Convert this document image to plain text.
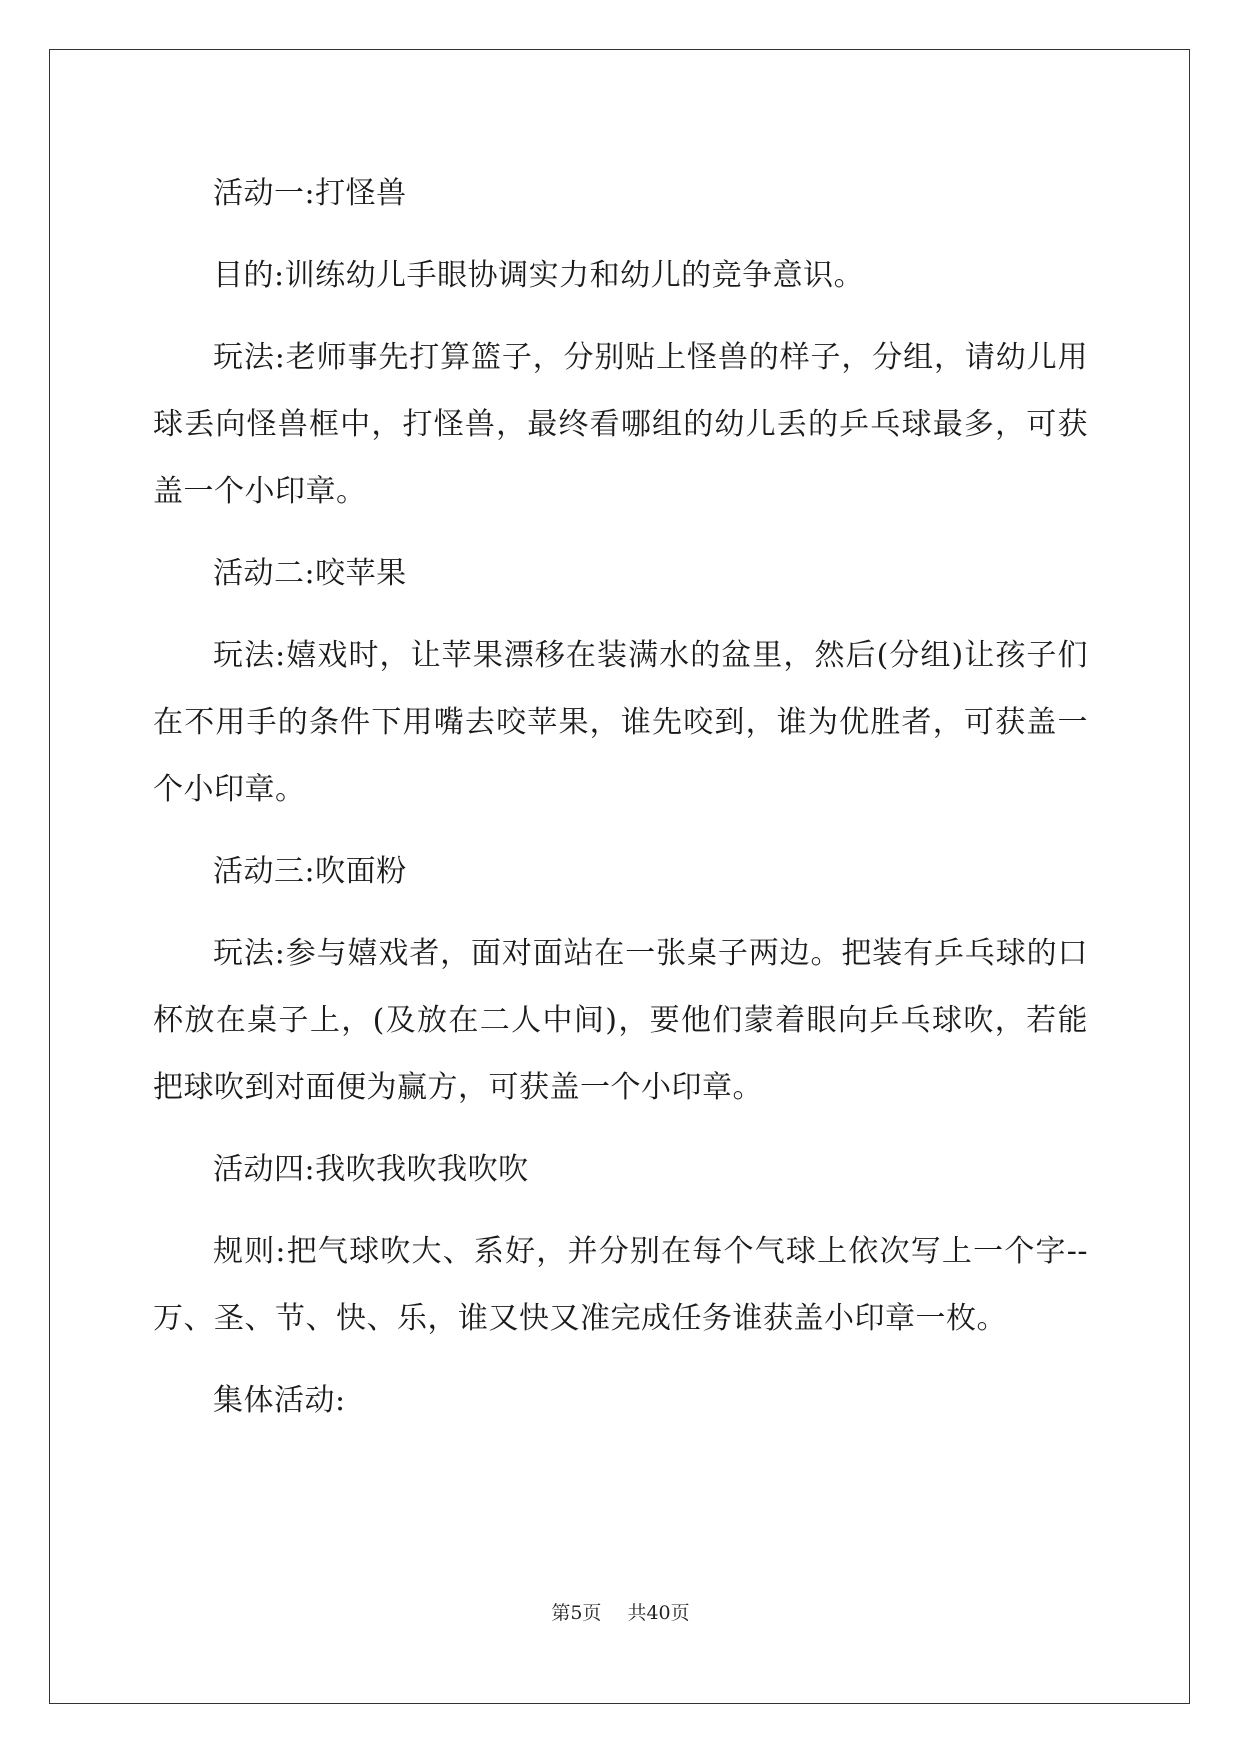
活动一:打怪兽

目的:训练幼儿手眼协调实力和幼儿的竞争意识。

玩法:老师事先打算篮子，分别贴上怪兽的样子，分组，请幼儿用球丢向怪兽框中，打怪兽，最终看哪组的幼儿丢的乒乓球最多，可获盖一个小印章。

活动二:咬苹果

玩法:嬉戏时，让苹果漂移在装满水的盆里，然后(分组)让孩子们在不用手的条件下用嘴去咬苹果，谁先咬到，谁为优胜者，可获盖一个小印章。

活动三:吹面粉

玩法:参与嬉戏者，面对面站在一张桌子两边。把装有乒乓球的口杯放在桌子上，(及放在二人中间)，要他们蒙着眼向乒乓球吹，若能把球吹到对面便为赢方，可获盖一个小印章。

活动四:我吹我吹我吹吹

规则:把气球吹大、系好，并分别在每个气球上依次写上一个字--万、圣、节、快、乐，谁又快又准完成任务谁获盖小印章一枚。

集体活动:

第5页 共40页
